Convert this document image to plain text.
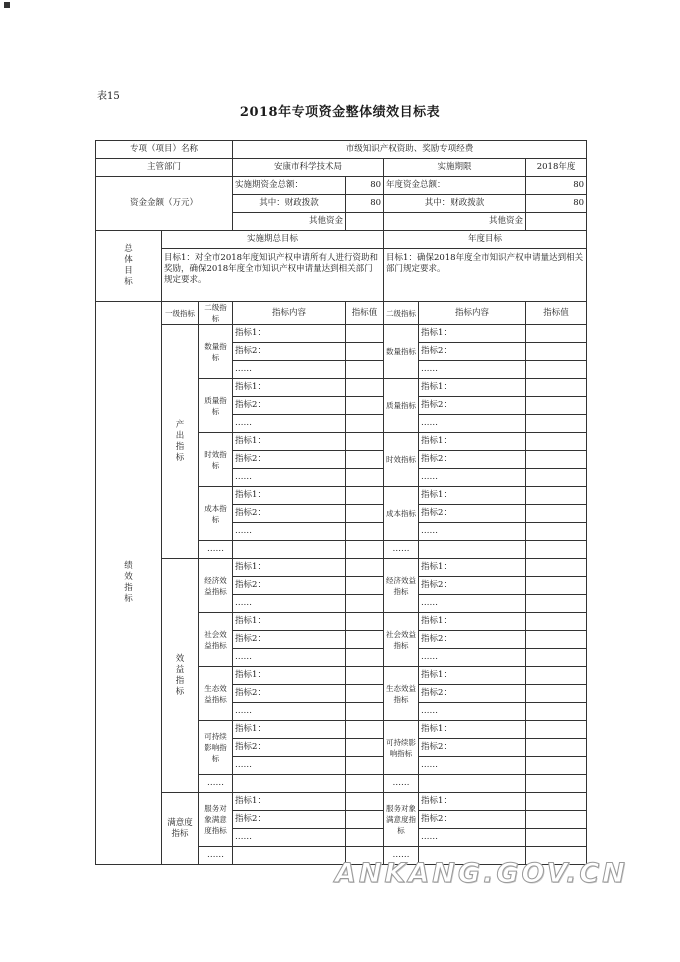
表15
2018年专项资金整体绩效目标表
专项（项目）名称			市级知识产权资助、奖励专项经费				
主管部门			安康市科学技术局		实施期限		2018年度
资金金额（万元）			实施期资金总额：	80	年度资金总额：		80
			其中：财政拨款	80	其中：财政拨款		80
			其他资金		其他资金		
总体目标	实施期总目标				年度目标		
	目标1：对全市2018年度知识产权申请所有人进行资助和奖励，确保2018年度全市知识产权申请量达到相关部门规定要求。				目标1：确保2018年度全市知识产权申请量达到相关部门规定要求。		
绩效指标	一级指标	二级指标	指标内容	指标值	二级指标	指标内容	指标值
	产出指标	数量指标	指标1：		数量指标	指标1：	
			指标2：			指标2：	
			……			……	
		质量指标	指标1：		质量指标	指标1：	
			指标2：			指标2：	
			……			……	
		时效指标	指标1：		时效指标	指标1：	
			指标2：			指标2：	
			……			……	
		成本指标	指标1：		成本指标	指标1：	
			指标2：			指标2：	
			……			……	
		……			……		
	效益指标	经济效益指标	指标1：		经济效益指标	指标1：	
			指标2：			指标2：	
			……			……	
		社会效益指标	指标1：		社会效益指标	指标1：	
			指标2：			指标2：	
			……			……	
		生态效益指标	指标1：		生态效益指标	指标1：	
			指标2：			指标2：	
			……			……	
		可持续影响指标	指标1：		可持续影响指标	指标1：	
			指标2：			指标2：	
			……			……	
		……			……		
	满意度指标	服务对象满意度指标	指标1：		服务对象满意度指标	指标1：	
			指标2：			指标2：	
			……			……	
		……			……		
ANKANG.GOV.CN
